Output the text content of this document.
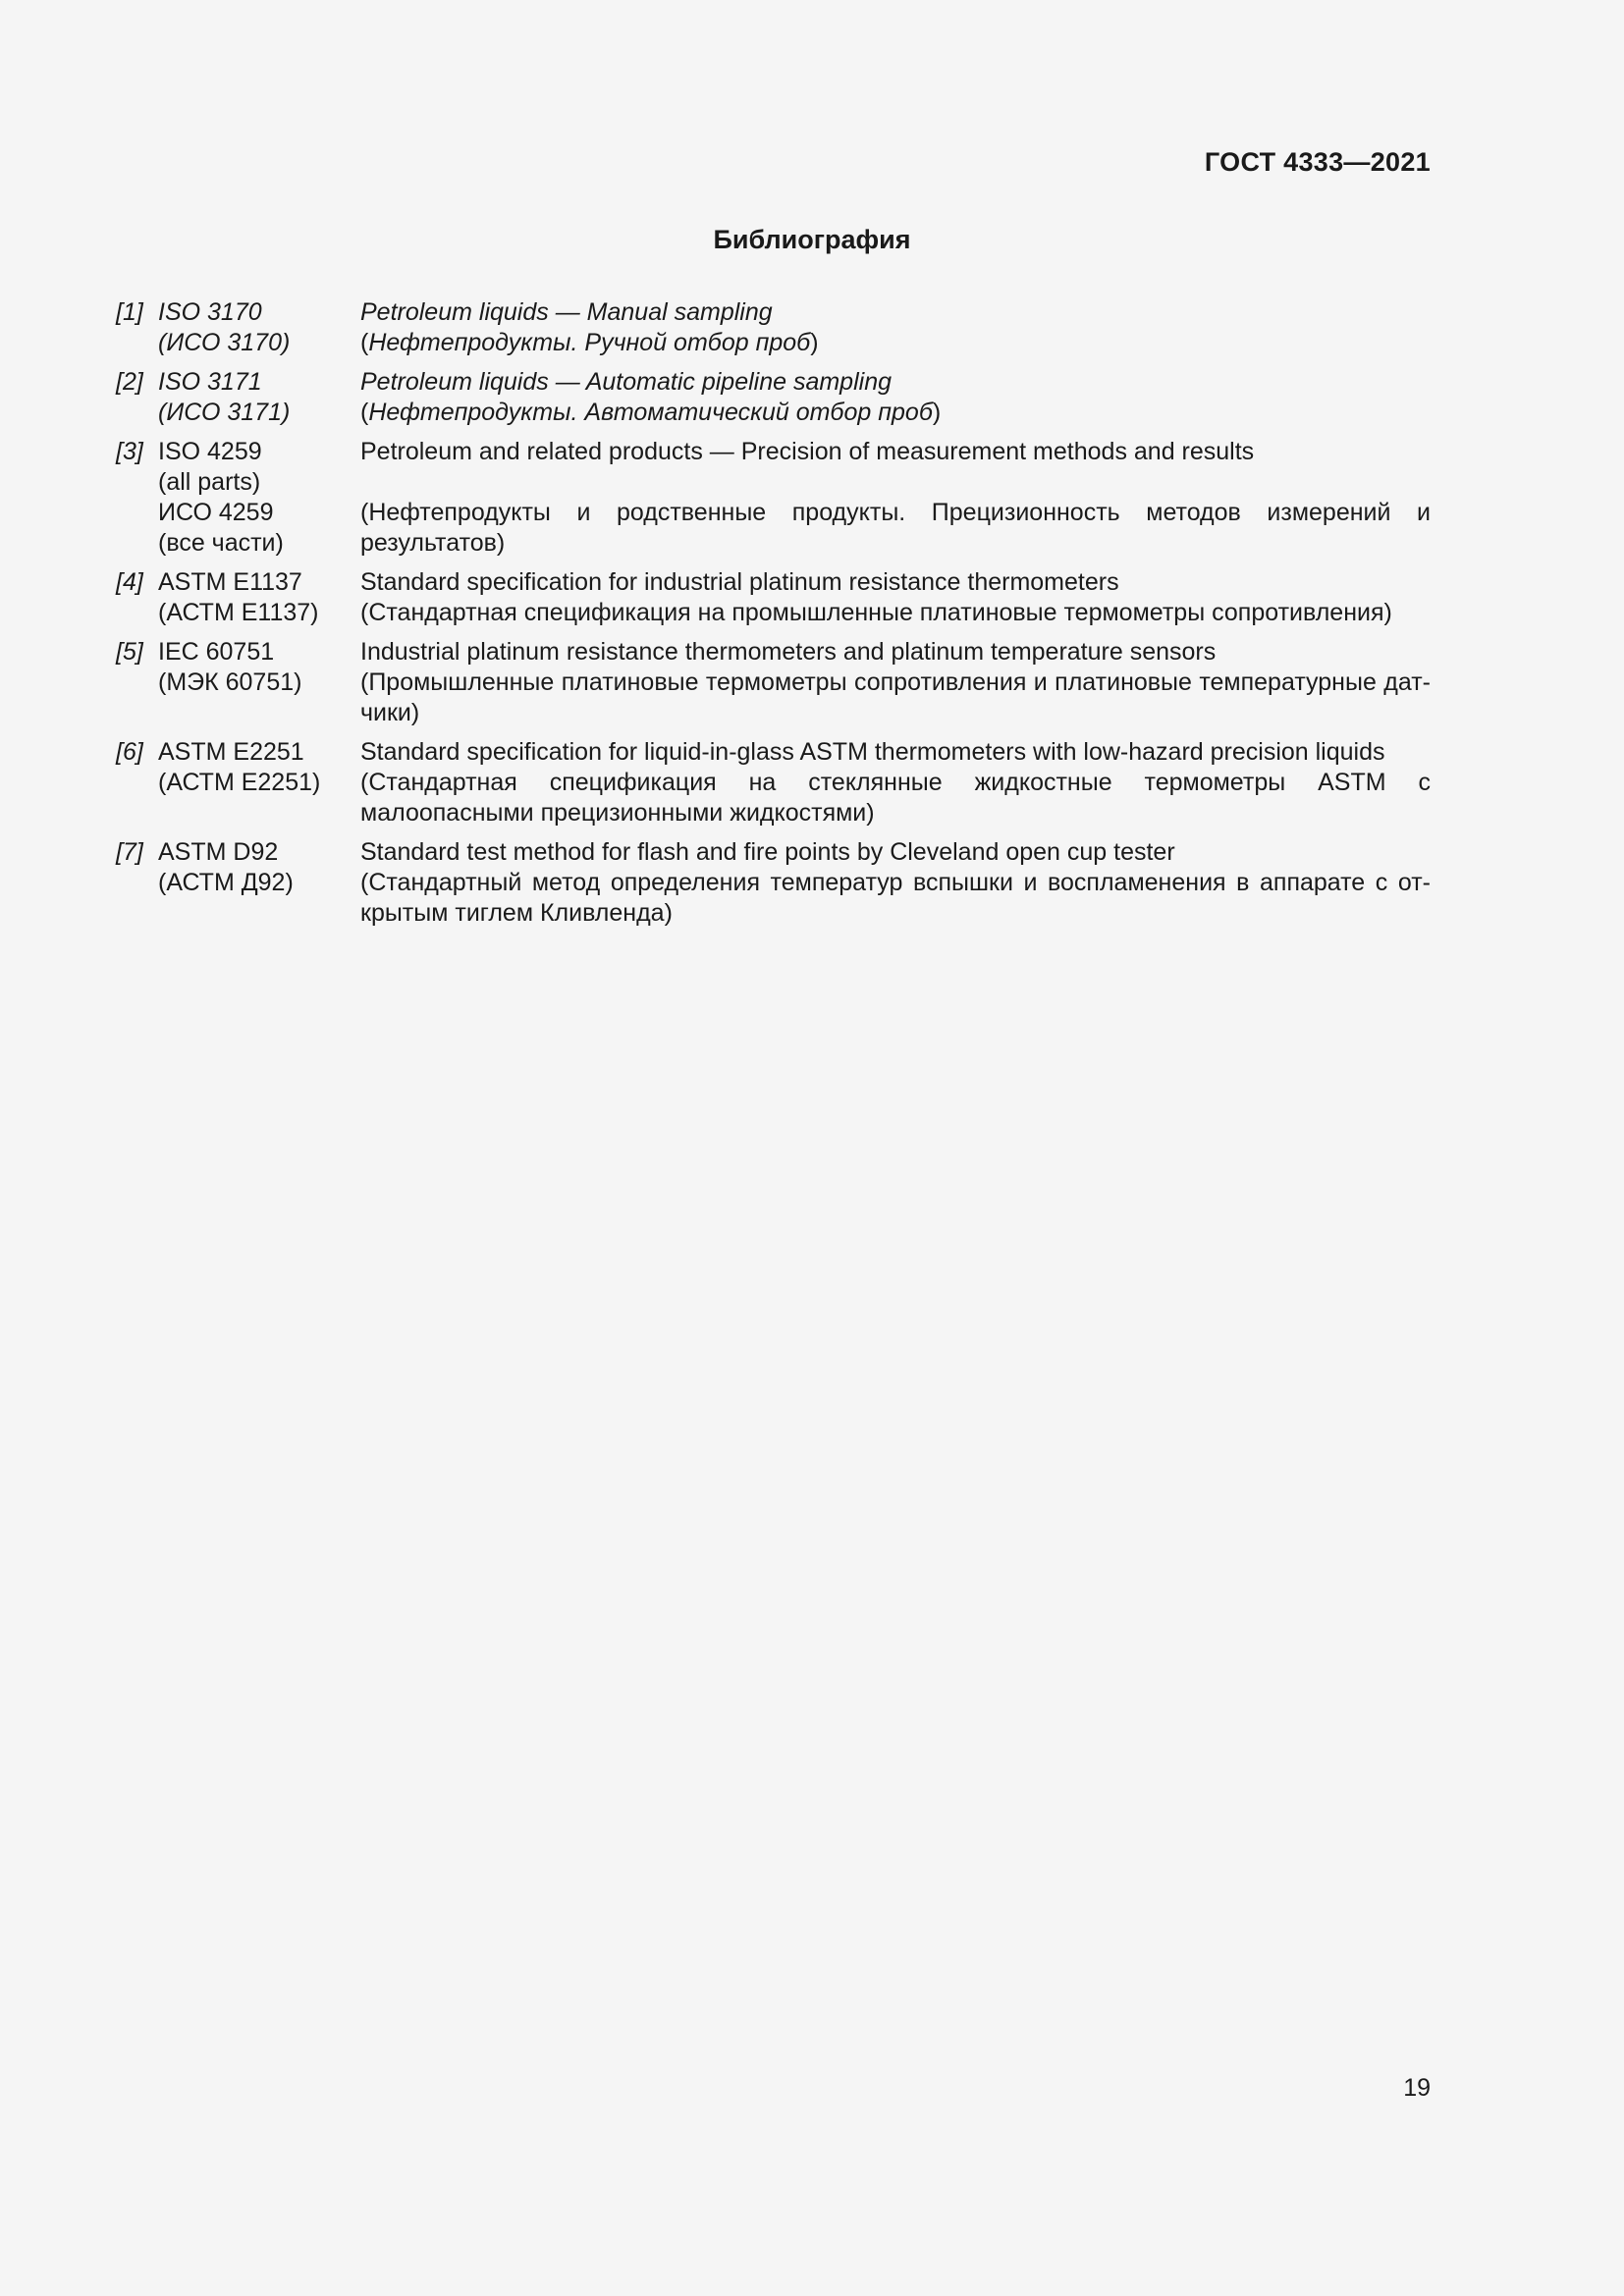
ГОСТ 4333—2021
Библиография
[1] ISO 3170
(ИСО 3170)
Petroleum liquids — Manual sampling
(Нефтепродукты. Ручной отбор проб)
[2] ISO 3171
(ИСО 3171)
Petroleum liquids — Automatic pipeline sampling
(Нефтепродукты. Автоматический отбор проб)
[3] ISO 4259
(all parts)
ИСО 4259
(все части)
Petroleum and related products — Precision of measurement methods and results
(Нефтепродукты и родственные продукты. Прецизионность методов измерений и результатов)
[4] ASTM E1137
(АСТМ Е1137)
Standard specification for industrial platinum resistance thermometers
(Стандартная спецификация на промышленные платиновые термометры сопротивления)
[5] IEC 60751
(МЭК 60751)
Industrial platinum resistance thermometers and platinum temperature sensors
(Промышленные платиновые термометры сопротивления и платиновые температурные дат-чики)
[6] ASTM E2251
(АСТМ Е2251)
Standard specification for liquid-in-glass ASTM thermometers with low-hazard precision liquids
(Стандартная спецификация на стеклянные жидкостные термометры ASTM с малоопасными прецизионными жидкостями)
[7] ASTM D92
(АСТМ Д92)
Standard test method for flash and fire points by Cleveland open cup tester
(Стандартный метод определения температур вспышки и воспламенения в аппарате с от-крытым тиглем Кливленда)
19
